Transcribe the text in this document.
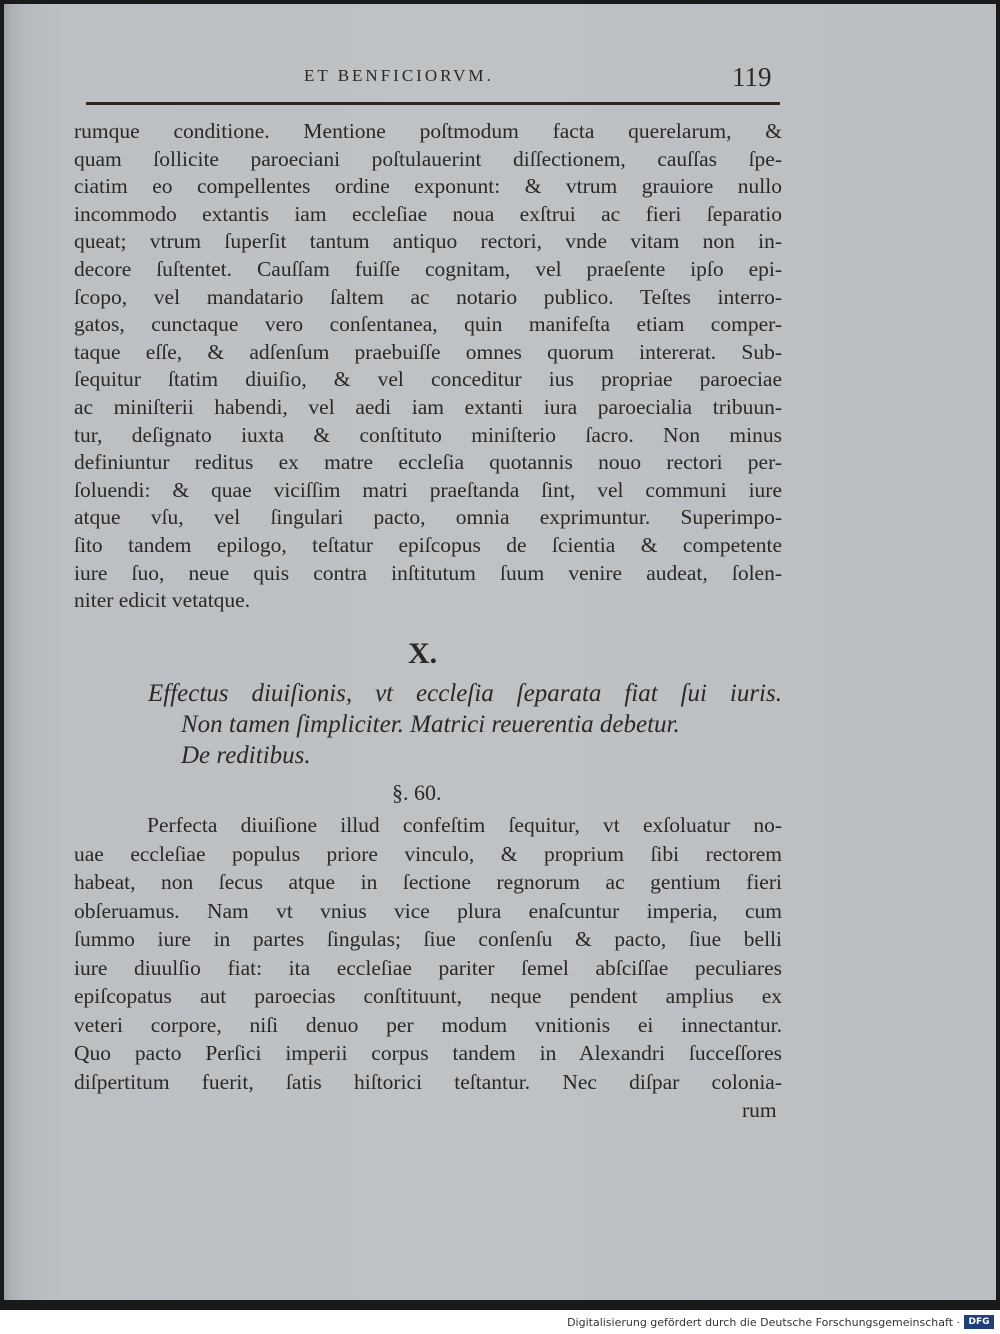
ET BENFICIORVM.	119
rumque conditione. Mentione poſtmodum facta querelarum, &
quam ſollicite paroeciani poſtulauerint diſſectionem, cauſſas ſpe-
ciatim eo compellentes ordine exponunt: & vtrum grauiore nullo
incommodo extantis iam eccleſiae noua exſtrui ac fieri ſeparatio
queat; vtrum ſuperſit tantum antiquo rectori, vnde vitam non in-
decore ſuſtentet. Cauſſam fuiſſe cognitam, vel praeſente ipſo epi-
ſcopo, vel mandatario ſaltem ac notario publico. Teſtes interro-
gatos, cunctaque vero conſentanea, quin manifeſta etiam comper-
taque eſſe, & adſenſum praebuiſſe omnes quorum intererat. Sub-
ſequitur ſtatim diuiſio, & vel conceditur ius propriae paroeciae
ac miniſterii habendi, vel aedi iam extanti iura paroecialia tribuun-
tur, deſignato iuxta & conſtituto miniſterio ſacro. Non minus
definiuntur reditus ex matre eccleſia quotannis nouo rectori per-
ſoluendi: & quae viciſſim matri praeſtanda ſint, vel communi iure
atque vſu, vel ſingulari pacto, omnia exprimuntur. Superimpo-
ſito tandem epilogo, teſtatur epiſcopus de ſcientia & competente
iure ſuo, neue quis contra inſtitutum ſuum venire audeat, ſolen-
niter edicit vetatque.
X.
Effectus diuiſionis, vt eccleſia ſeparata fiat ſui iuris.
Non tamen ſimpliciter. Matrici reuerentia debetur.
De reditibus.
§. 60.
Perfecta diuiſione illud confeſtim ſequitur, vt exſoluatur no-
uae eccleſiae populus priore vinculo, & proprium ſibi rectorem
habeat, non ſecus atque in ſectione regnorum ac gentium fieri
obſeruamus. Nam vt vnius vice plura enaſcuntur imperia, cum
ſummo iure in partes ſingulas; ſiue conſenſu & pacto, ſiue belli
iure diuulſio fiat: ita eccleſiae pariter ſemel abſciſſae peculiares
epiſcopatus aut paroecias conſtituunt, neque pendent amplius ex
veteri corpore, niſi denuo per modum vnitionis ei innectantur.
Quo pacto Perſici imperii corpus tandem in Alexandri ſucceſſores
diſpertitum fuerit, ſatis hiſtorici teſtantur. Nec diſpar colonia-
rum
Digitalisierung gefördert durch die Deutsche Forschungsgemeinschaft · DFG
